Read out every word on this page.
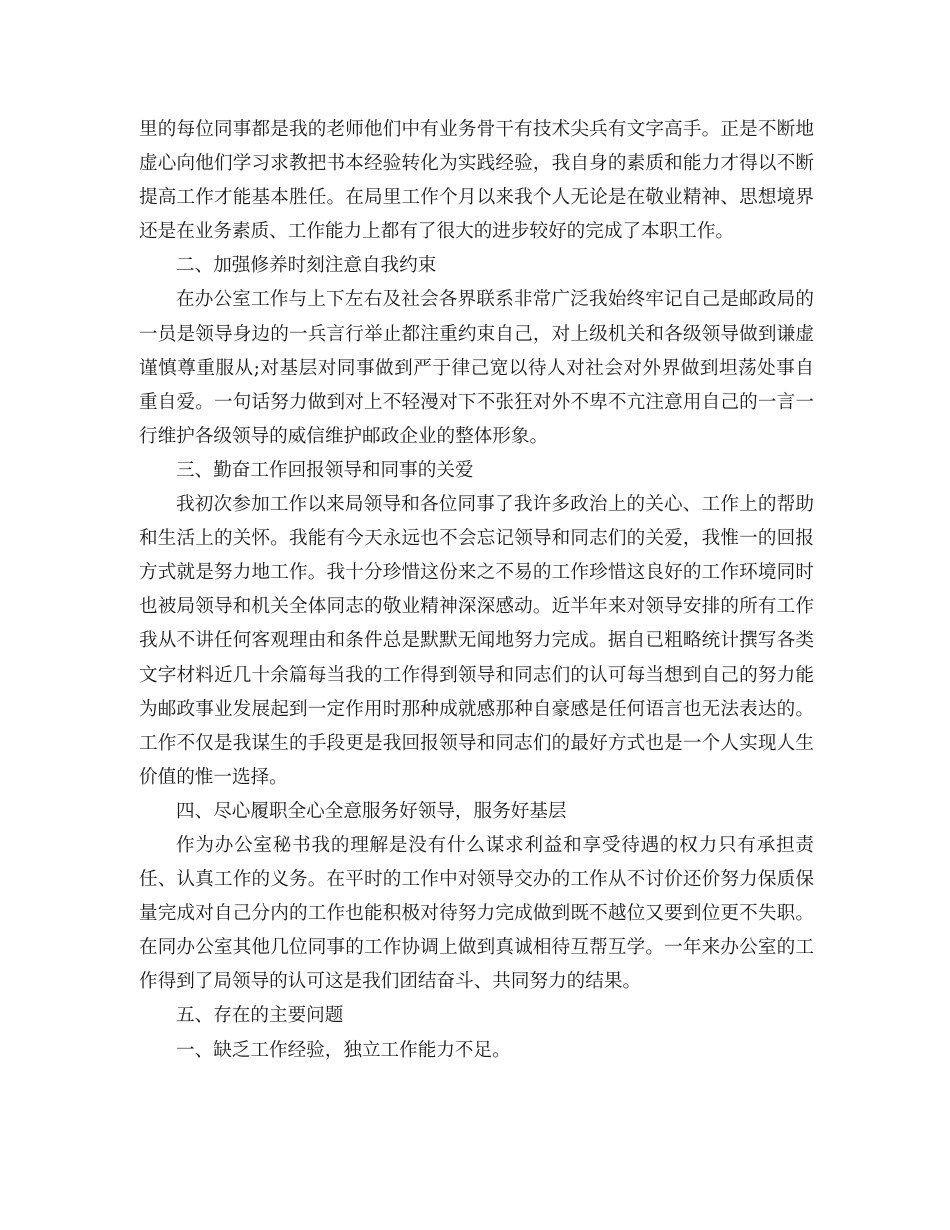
里的每位同事都是我的老师他们中有业务骨干有技术尖兵有文字高手。正是不断地虚心向他们学习求教把书本经验转化为实践经验，我自身的素质和能力才得以不断提高工作才能基本胜任。在局里工作个月以来我个人无论是在敬业精神、思想境界还是在业务素质、工作能力上都有了很大的进步较好的完成了本职工作。

二、加强修养时刻注意自我约束

在办公室工作与上下左右及社会各界联系非常广泛我始终牢记自己是邮政局的一员是领导身边的一兵言行举止都注重约束自己，对上级机关和各级领导做到谦虚谨慎尊重服从;对基层对同事做到严于律己宽以待人对社会对外界做到坦荡处事自重自爱。一句话努力做到对上不轻漫对下不张狂对外不卑不亢注意用自己的一言一行维护各级领导的威信维护邮政企业的整体形象。

三、勤奋工作回报领导和同事的关爱

我初次参加工作以来局领导和各位同事了我许多政治上的关心、工作上的帮助和生活上的关怀。我能有今天永远也不会忘记领导和同志们的关爱，我惟一的回报方式就是努力地工作。我十分珍惜这份来之不易的工作珍惜这良好的工作环境同时也被局领导和机关全体同志的敬业精神深深感动。近半年来对领导安排的所有工作我从不讲任何客观理由和条件总是默默无闻地努力完成。据自已粗略统计撰写各类文字材料近几十余篇每当我的工作得到领导和同志们的认可每当想到自己的努力能为邮政事业发展起到一定作用时那种成就感那种自豪感是任何语言也无法表达的。工作不仅是我谋生的手段更是我回报领导和同志们的最好方式也是一个人实现人生价值的惟一选择。

四、尽心履职全心全意服务好领导，服务好基层

作为办公室秘书我的理解是没有什么谋求利益和享受待遇的权力只有承担责任、认真工作的义务。在平时的工作中对领导交办的工作从不讨价还价努力保质保量完成对自己分内的工作也能积极对待努力完成做到既不越位又要到位更不失职。在同办公室其他几位同事的工作协调上做到真诚相待互帮互学。一年来办公室的工作得到了局领导的认可这是我们团结奋斗、共同努力的结果。

五、存在的主要问题

一、缺乏工作经验，独立工作能力不足。
